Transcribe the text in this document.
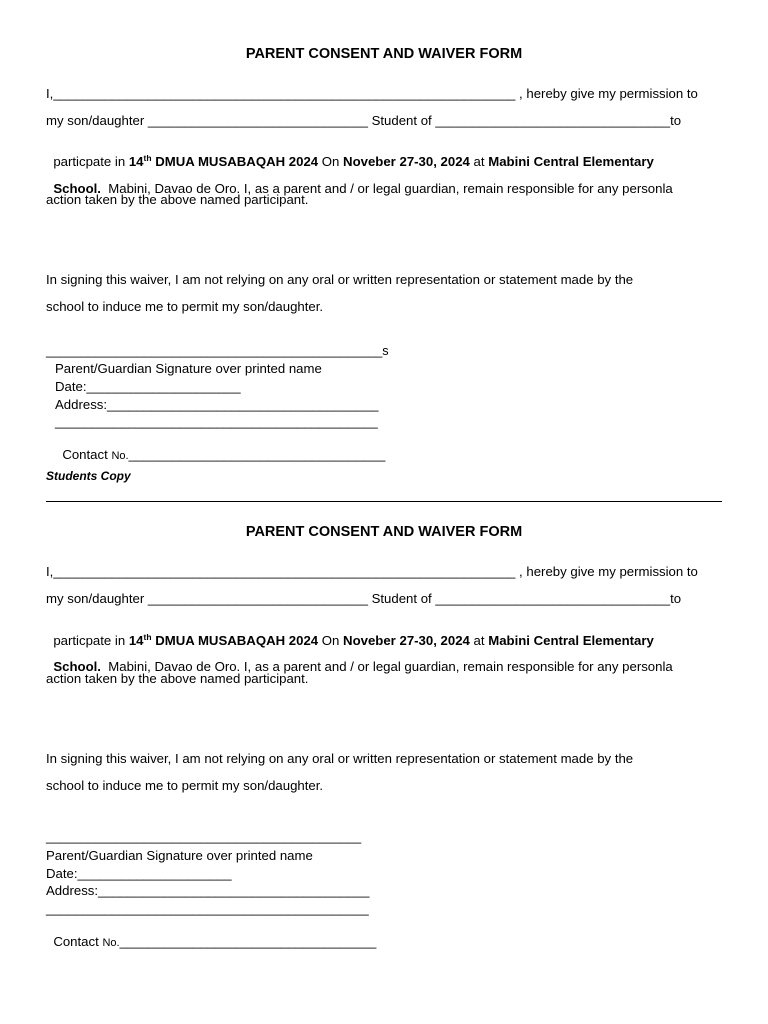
PARENT CONSENT AND WAIVER FORM
I,_______________________________________________________________ , hereby give my permission to
my son/daughter ______________________________ Student of ________________________________to

particpate in 14th DMUA MUSABAQAH 2024 On Noveber 27-30, 2024 at Mabini Central Elementary

School.  Mabini, Davao de Oro. I, as a parent and / or legal guardian, remain responsible for any personla

action taken by the above named participant.
In signing this waiver, I am not relying on any oral or written representation or statement made by the
school to induce me to permit my son/daughter.
________________________________________________s
Parent/Guardian Signature over printed name
Date:_____________________
Address:_____________________________________
____________________________________________

Contact No.___________________________________

Students Copy
PARENT CONSENT AND WAIVER FORM
I,_______________________________________________________________ , hereby give my permission to
my son/daughter ______________________________ Student of ________________________________to

particpate in 14th DMUA MUSABAQAH 2024 On Noveber 27-30, 2024 at Mabini Central Elementary

School.  Mabini, Davao de Oro. I, as a parent and / or legal guardian, remain responsible for any personla

action taken by the above named participant.
In signing this waiver, I am not relying on any oral or written representation or statement made by the
school to induce me to permit my son/daughter.
_____________________________________________
Parent/Guardian Signature over printed name
Date:_____________________
Address:_____________________________________
____________________________________________

Contact No.___________________________________
